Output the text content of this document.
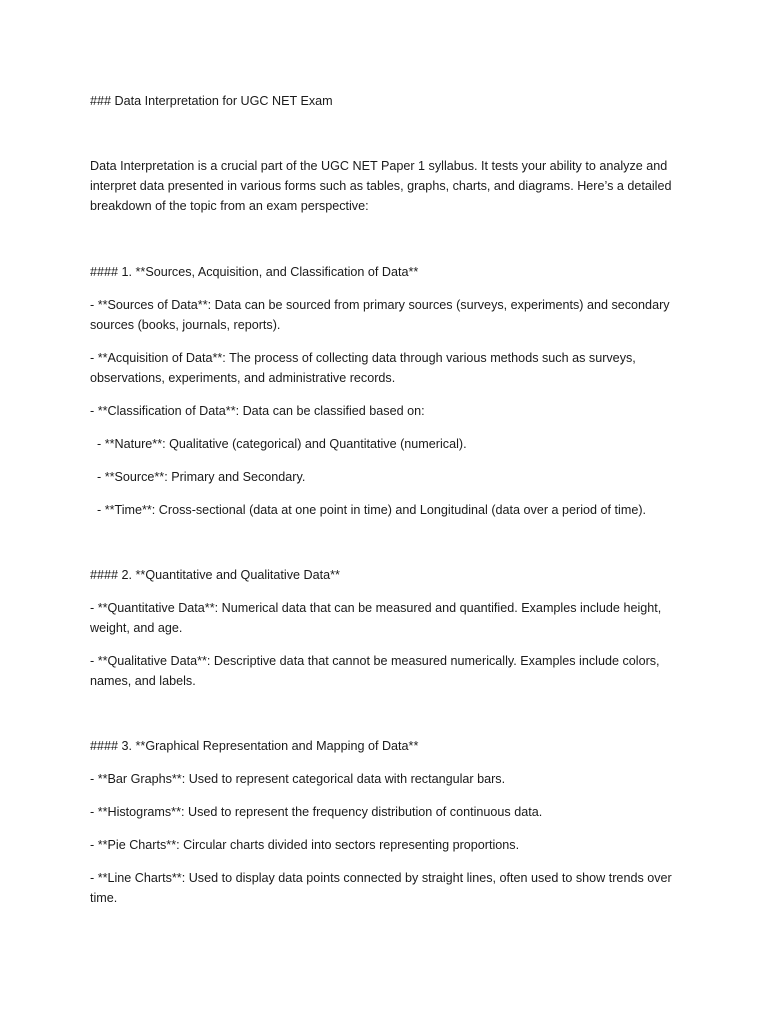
### Data Interpretation for UGC NET Exam

Data Interpretation is a crucial part of the UGC NET Paper 1 syllabus. It tests your ability to analyze and interpret data presented in various forms such as tables, graphs, charts, and diagrams. Here’s a detailed breakdown of the topic from an exam perspective:

#### 1. **Sources, Acquisition, and Classification of Data**

- **Sources of Data**: Data can be sourced from primary sources (surveys, experiments) and secondary sources (books, journals, reports).

- **Acquisition of Data**: The process of collecting data through various methods such as surveys, observations, experiments, and administrative records.

- **Classification of Data**: Data can be classified based on:

- **Nature**: Qualitative (categorical) and Quantitative (numerical).

- **Source**: Primary and Secondary.

- **Time**: Cross-sectional (data at one point in time) and Longitudinal (data over a period of time).

#### 2. **Quantitative and Qualitative Data**

- **Quantitative Data**: Numerical data that can be measured and quantified. Examples include height, weight, and age.

- **Qualitative Data**: Descriptive data that cannot be measured numerically. Examples include colors, names, and labels.

#### 3. **Graphical Representation and Mapping of Data**

- **Bar Graphs**: Used to represent categorical data with rectangular bars.

- **Histograms**: Used to represent the frequency distribution of continuous data.

- **Pie Charts**: Circular charts divided into sectors representing proportions.

- **Line Charts**: Used to display data points connected by straight lines, often used to show trends over time.
